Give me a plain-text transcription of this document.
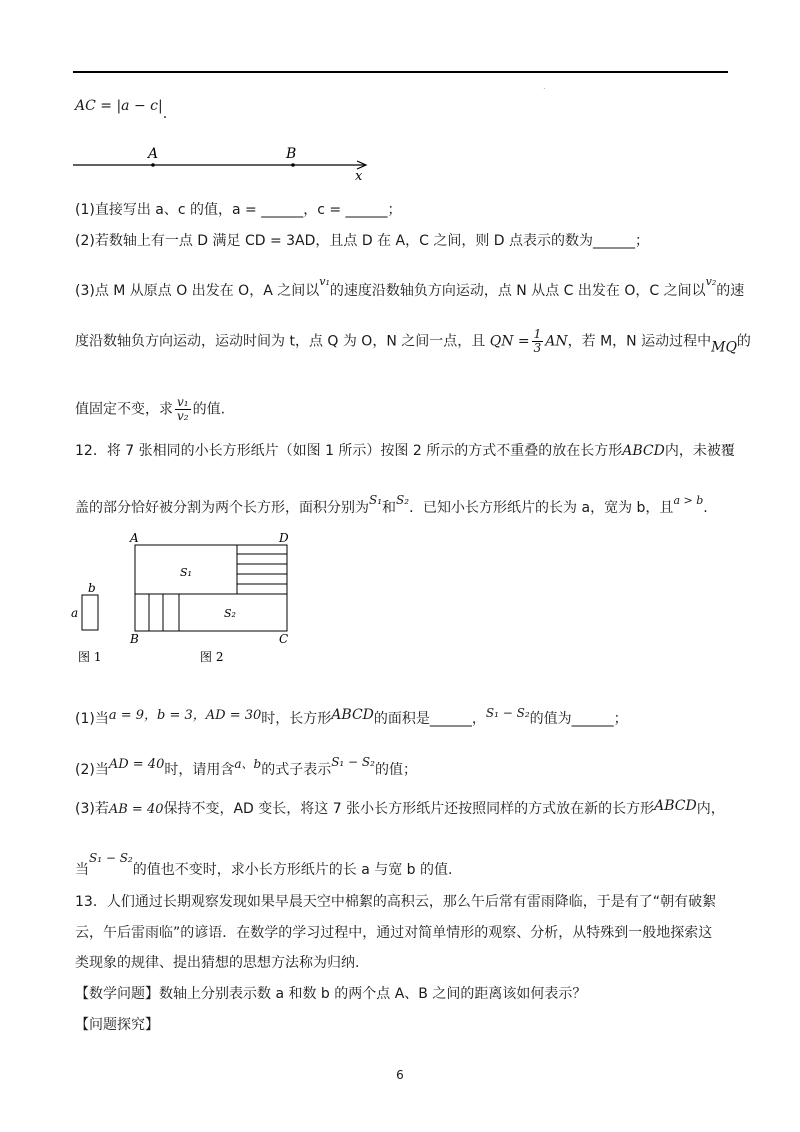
.
AC = |a − c|.
A	B
x
(1)直接写出 a、c 的值，a = ______，c = ______；
(2)若数轴上有一点 D 满足 CD = 3AD，且点 D 在 A，C 之间，则 D 点表示的数为______；
(3)点 M 从原点 O 出发在 O，A 之间以$^{v_1}$的速度沿数轴负方向运动，点 N 从点 C 出发在 O，C 之间以$^{v_2}$的速
度沿数轴负方向运动，运动时间为 t，点 Q 为 O，N 之间一点，且 QN = $\frac{1}{3}$ AN，若 M，N 运动过程中MQ的
值固定不变，求 $\frac{\text{v₁}}{\text{v₂}}$ 的值.
12．将 7 张相同的小长方形纸片（如图 1 所示）按图 2 所示的方式不重叠的放在长方形ABCD内，未被覆
盖的部分恰好被分割为两个长方形，面积分别为S₁和S₂．已知小长方形纸片的长为 a，宽为 b，且$^{a > b}$.
b
a
图 1
A	D
B	C
S₁
S₂
图 2
(1)当a = 9，b = 3，AD = 30时，长方形ABCD的面积是______，S₁ − S₂的值为______；
(2)当AD = 40时，请用含a、b的式子表示S₁ − S₂的值；
(3)若AB = 40保持不变，AD 变长，将这 7 张小长方形纸片还按照同样的方式放在新的长方形ABCD内，
当S₁ − S₂的值也不变时，求小长方形纸片的长 a 与宽 b 的值.
13．人们通过长期观察发现如果早晨天空中棉絮的高积云，那么午后常有雷雨降临，于是有了“朝有破絮
云，午后雷雨临”的谚语．在数学的学习过程中，通过对简单情形的观察、分析，从特殊到一般地探索这
类现象的规律、提出猜想的思想方法称为归纳.
【数学问题】数轴上分别表示数 a 和数 b 的两个点 A、B 之间的距离该如何表示？
【问题探究】
6
